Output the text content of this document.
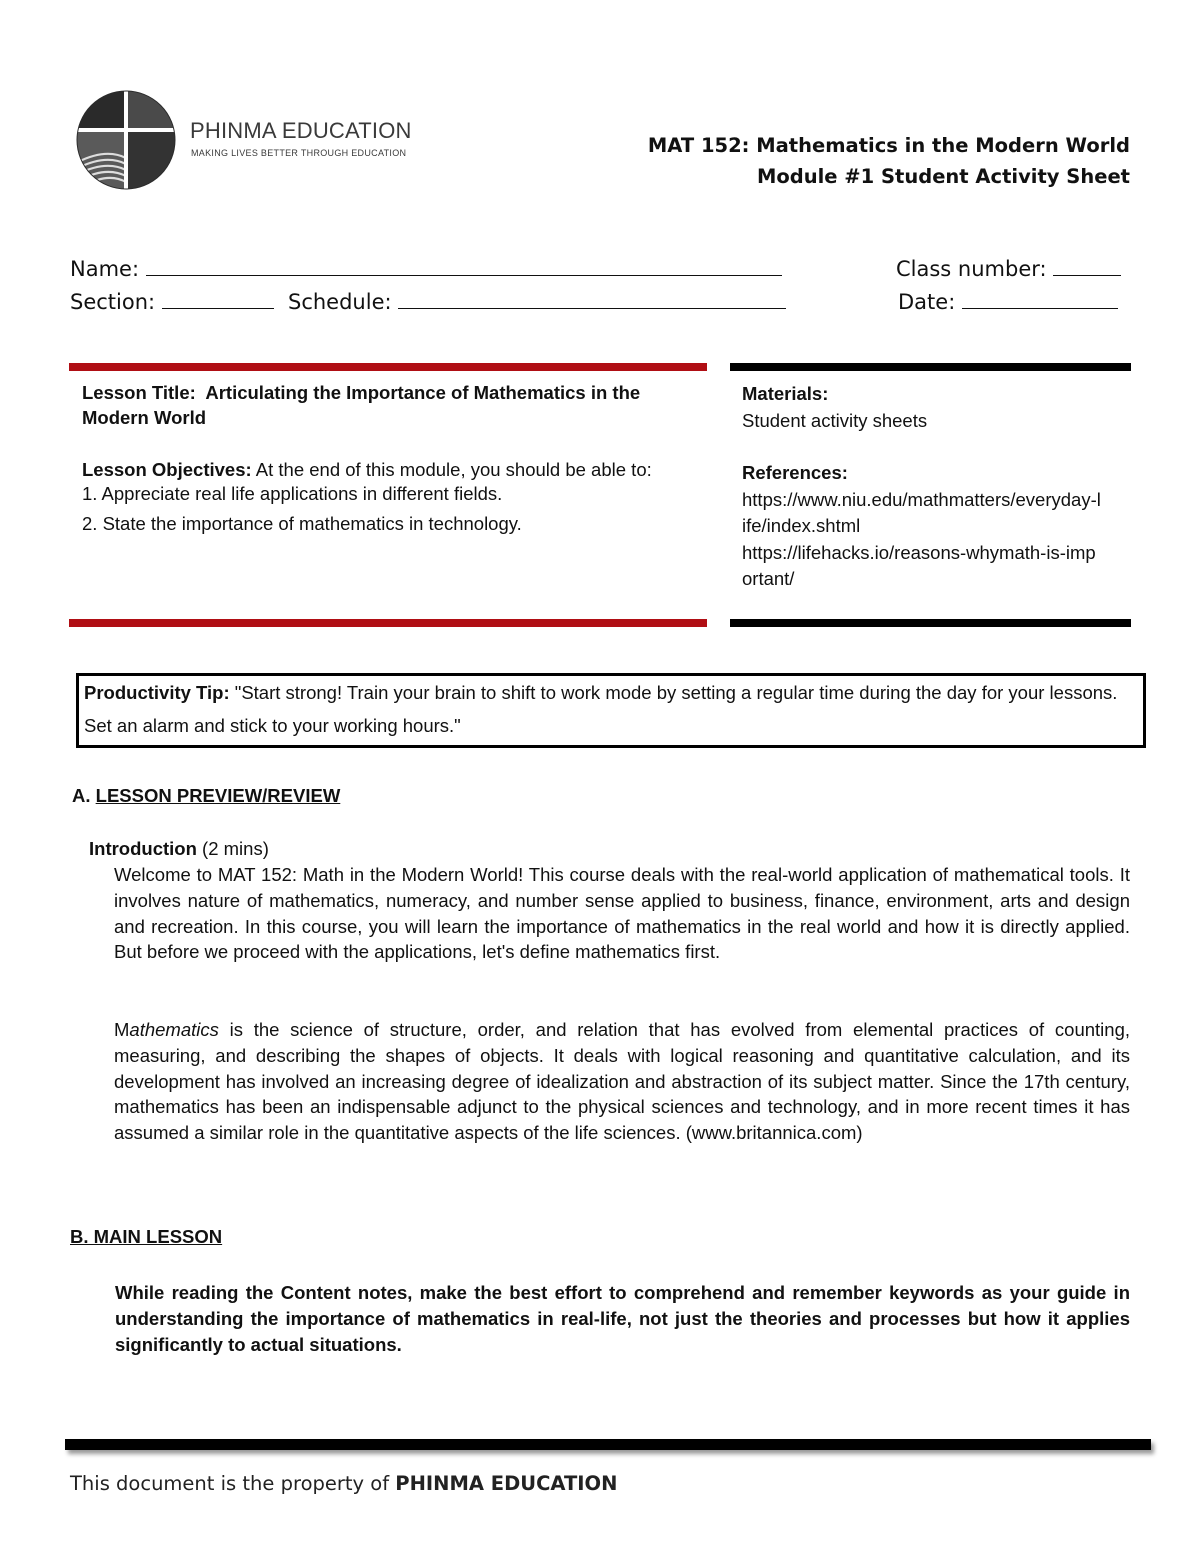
PHINMA EDUCATION
MAKING LIVES BETTER THROUGH EDUCATION	MAT 152: Mathematics in the Modern World
Module #1 Student Activity Sheet
Name:	Class number:
Section:	Schedule:	Date:
Lesson Title: Articulating the Importance of Mathematics in the Modern World
Lesson Objectives: At the end of this module, you should be able to:
1. Appreciate real life applications in different fields.
2. State the importance of mathematics in technology.
Materials:
Student activity sheets
References:
https://www.niu.edu/mathmatters/everyday-life/index.shtml
https://lifehacks.io/reasons-whymath-is-important/
Productivity Tip: "Start strong! Train your brain to shift to work mode by setting a regular time during the day for your lessons. Set an alarm and stick to your working hours."
A. LESSON PREVIEW/REVIEW
Introduction (2 mins)
Welcome to MAT 152: Math in the Modern World! This course deals with the real-world application of mathematical tools. It involves nature of mathematics, numeracy, and number sense applied to business, finance, environment, arts and design and recreation. In this course, you will learn the importance of mathematics in the real world and how it is directly applied. But before we proceed with the applications, let's define mathematics first.
Mathematics is the science of structure, order, and relation that has evolved from elemental practices of counting, measuring, and describing the shapes of objects. It deals with logical reasoning and quantitative calculation, and its development has involved an increasing degree of idealization and abstraction of its subject matter. Since the 17th century, mathematics has been an indispensable adjunct to the physical sciences and technology, and in more recent times it has assumed a similar role in the quantitative aspects of the life sciences. (www.britannica.com)
B. MAIN LESSON
While reading the Content notes, make the best effort to comprehend and remember keywords as your guide in understanding the importance of mathematics in real-life, not just the theories and processes but how it applies significantly to actual situations.
This document is the property of PHINMA EDUCATION
